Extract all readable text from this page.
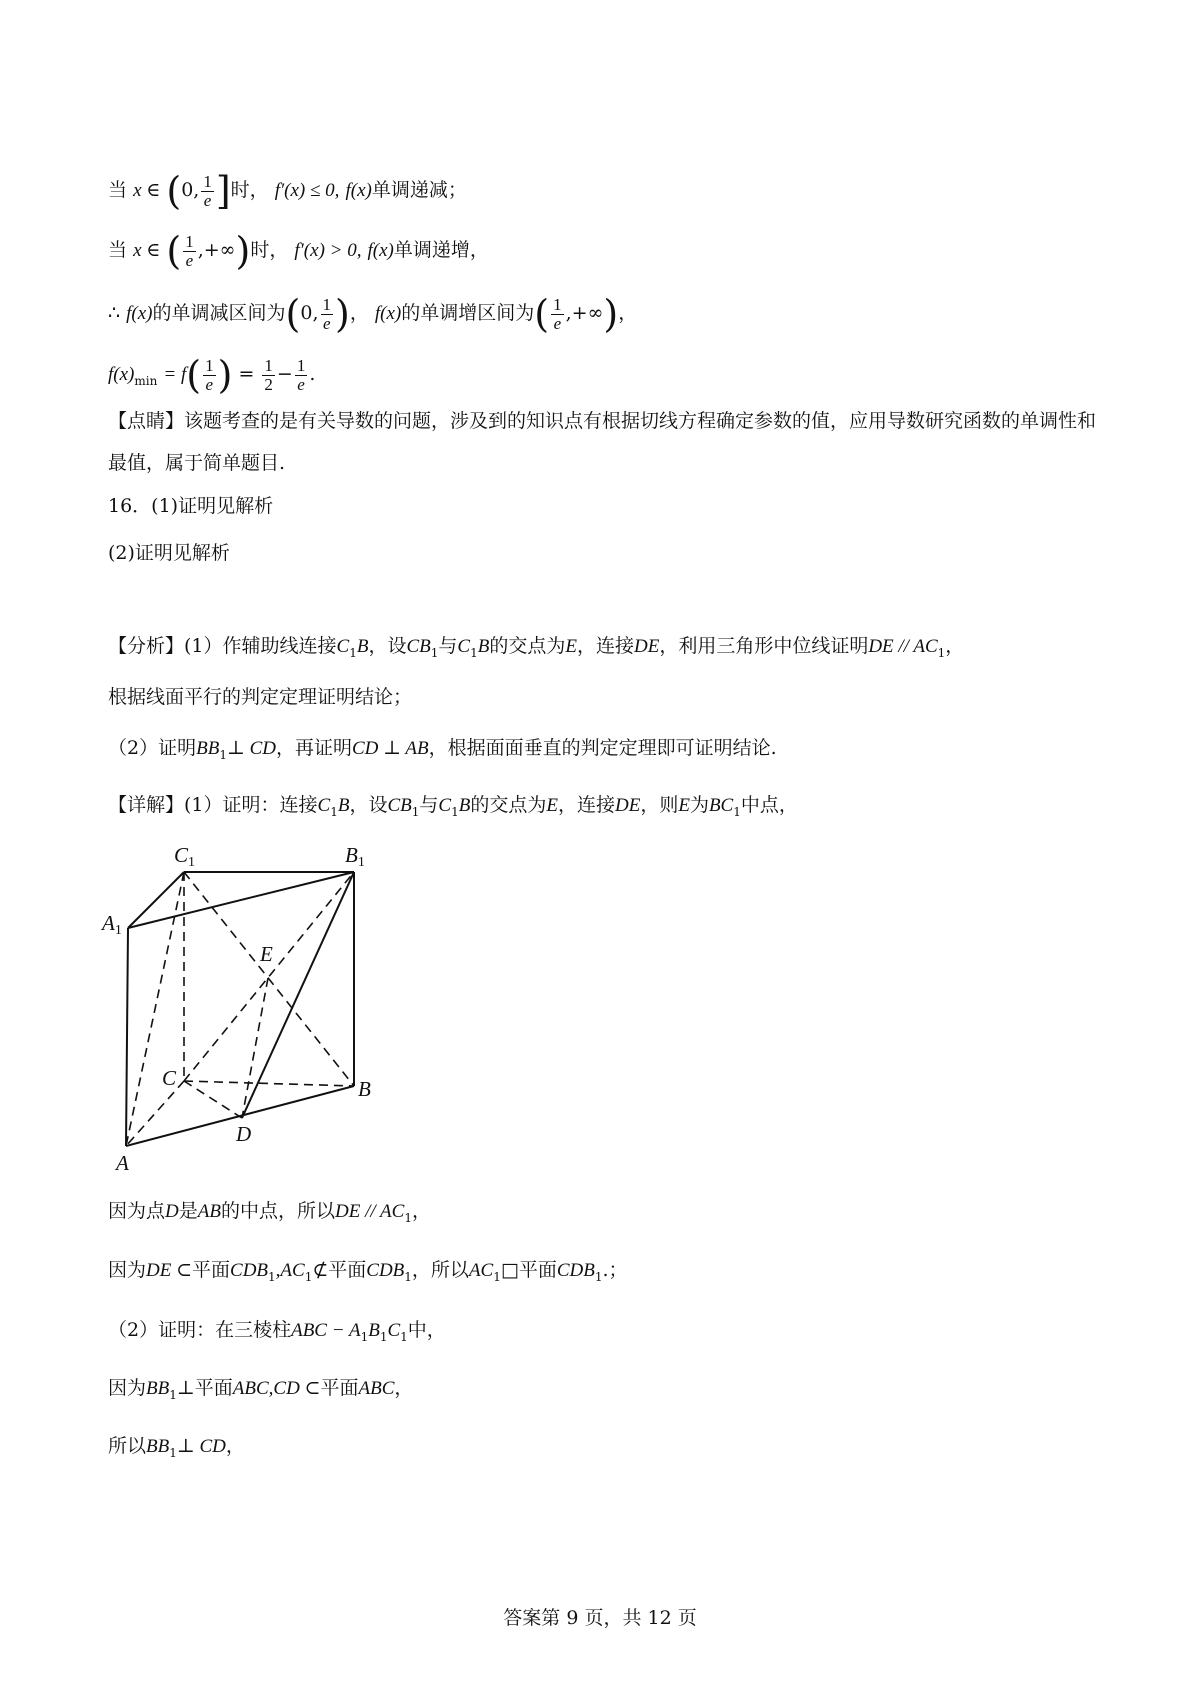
当 x ∈ (0, $\frac{1}{e}$ ]时， f′(x) ≤ 0, f(x)单调递减；
当 x ∈ ( $\frac{1}{e}$ ,+∞)时， f′(x) > 0, f(x)单调递增，
∴ f(x)的单调减区间为(0, $\frac{1}{e}$ )， f(x)的单调增区间为( $\frac{1}{e}$ ,+∞)，
$f(x)_{min} = f( \frac{1}{e}$ ) = $\frac{1}{2} - \frac{1}{e}$ .
【点睛】该题考查的是有关导数的问题，涉及到的知识点有根据切线方程确定参数的值，应用导数研究函数的单调性和最值，属于简单题目.
16．(1)证明见解析
(2)证明见解析
【分析】(1）作辅助线连接$C_1B$，设$CB_1$与$C_1B$的交点为E，连接DE，利用三角形中位线证明DE // $AC_1$，
根据线面平行的判定定理证明结论；
（2）证明$BB_1\perp$ CD，再证明CD ⊥ AB，根据面面垂直的判定定理即可证明结论.
【详解】(1）证明：连接$C_1B$，设$CB_1$与$C_1B$的交点为E，连接DE，则E为$BC_1$中点，
C1	B1
A1
E
C	B
D
A
因为点D是AB的中点，所以DE // $AC_1$，
因为DE ⊂平面$CDB_1,AC_1⊄$平面$CDB_1$，所以$AC_1□$平面$CDB_1$.；
（2）证明：在三棱柱ABC − $A_1B_1C_1$中，
因为$BB_1\perp$平面ABC,CD ⊂平面ABC，
所以$BB_1\perp$ CD，
答案第 9 页，共 12 页
